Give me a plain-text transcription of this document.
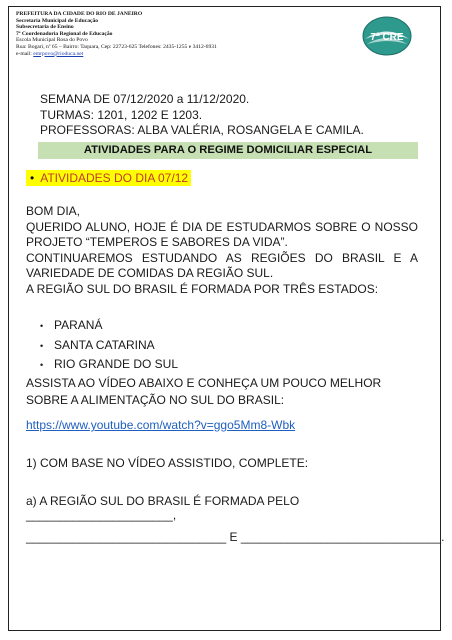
PREFEITURA DA CIDADE DO RIO DE JANEIRO
Secretaria Municipal de Educação
Subsecretaria de Ensino
7ª Coordenadoria Regional de Educação
Escola Municipal Rosa do Povo
Rua: Bogari, nº 65 – Bairro: Taquara, Cep: 22723-625 Telefones: 2435-1255 e 3412-6931
e-mail: emrpovo@rioduca.net
7ª CRE
SEMANA DE 07/12/2020 a 11/12/2020.
TURMAS: 1201, 1202 E 1203.
PROFESSORAS: ALBA VALÉRIA, ROSANGELA E CAMILA.
ATIVIDADES PARA O REGIME DOMICILIAR ESPECIAL
• ATIVIDADES DO DIA 07/12

BOM DIA,

QUERIDO ALUNO, HOJE É DIA DE ESTUDARMOS SOBRE O NOSSO PROJETO “TEMPEROS E SABORES DA VIDA”.

CONTINUAREMOS ESTUDANDO AS REGIÕES DO BRASIL E A VARIEDADE DE COMIDAS DA REGIÃO SUL.

A REGIÃO SUL DO BRASIL É FORMADA POR TRÊS ESTADOS:

• PARANÁ
• SANTA CATARINA
• RIO GRANDE DO SUL

ASSISTA AO VÍDEO ABAIXO E CONHEÇA UM POUCO MELHOR SOBRE A ALIMENTAÇÃO NO SUL DO BRASIL:

https://www.youtube.com/watch?v=ggo5Mm8-Wbk
1) COM BASE NO VÍDEO ASSISTIDO, COMPLETE:
a) A REGIÃO SUL DO BRASIL É FORMADA PELO ______________________,
______________________________ E ______________________________.
